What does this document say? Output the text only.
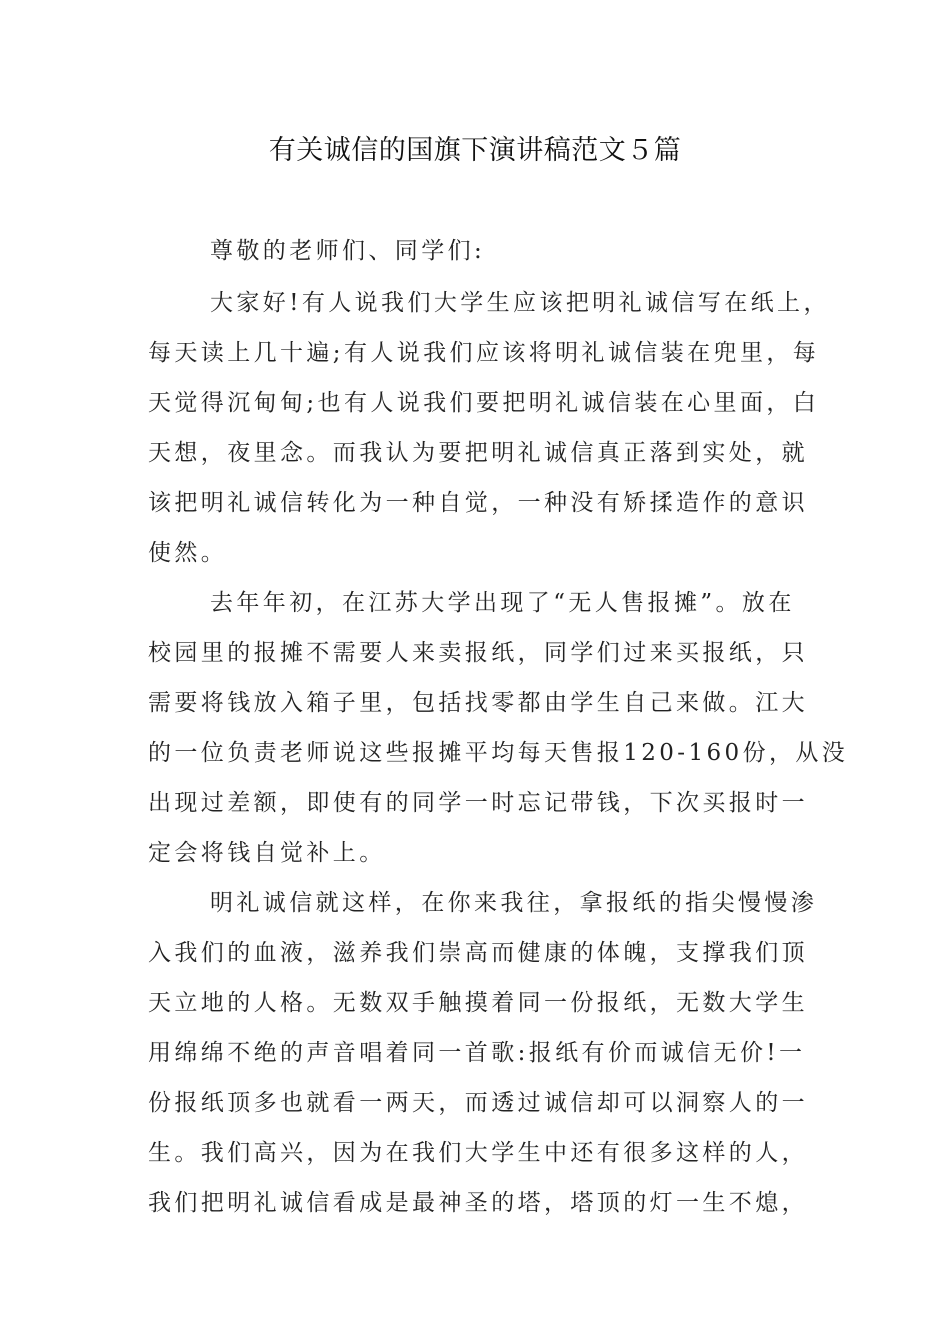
有关诚信的国旗下演讲稿范文５篇
尊敬的老师们、同学们:
大家好!有人说我们大学生应该把明礼诚信写在纸上，
每天读上几十遍;有人说我们应该将明礼诚信装在兜里，每
天觉得沉甸甸;也有人说我们要把明礼诚信装在心里面，白
天想，夜里念。而我认为要把明礼诚信真正落到实处，就
该把明礼诚信转化为一种自觉，一种没有矫揉造作的意识
使然。
去年年初，在江苏大学出现了“无人售报摊”。放在
校园里的报摊不需要人来卖报纸，同学们过来买报纸，只
需要将钱放入箱子里，包括找零都由学生自己来做。江大
的一位负责老师说这些报摊平均每天售报120-160份，从没
出现过差额，即使有的同学一时忘记带钱，下次买报时一
定会将钱自觉补上。
明礼诚信就这样，在你来我往，拿报纸的指尖慢慢渗
入我们的血液，滋养我们崇高而健康的体魄，支撑我们顶
天立地的人格。无数双手触摸着同一份报纸，无数大学生
用绵绵不绝的声音唱着同一首歌:报纸有价而诚信无价!一
份报纸顶多也就看一两天，而透过诚信却可以洞察人的一
生。我们高兴，因为在我们大学生中还有很多这样的人，
我们把明礼诚信看成是最神圣的塔，塔顶的灯一生不熄，
